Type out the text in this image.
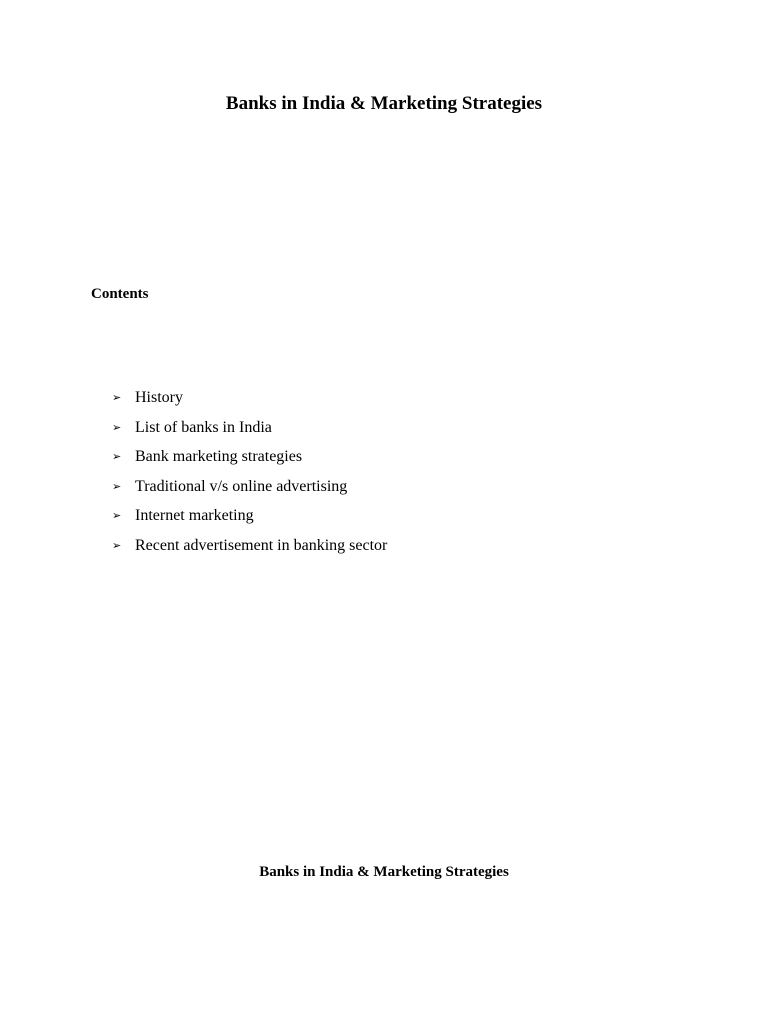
Banks in India & Marketing Strategies
Contents
➢ History
➢ List of banks in India
➢ Bank marketing strategies
➢ Traditional v/s online advertising
➢ Internet marketing
➢ Recent advertisement in banking sector
Banks in India & Marketing Strategies
